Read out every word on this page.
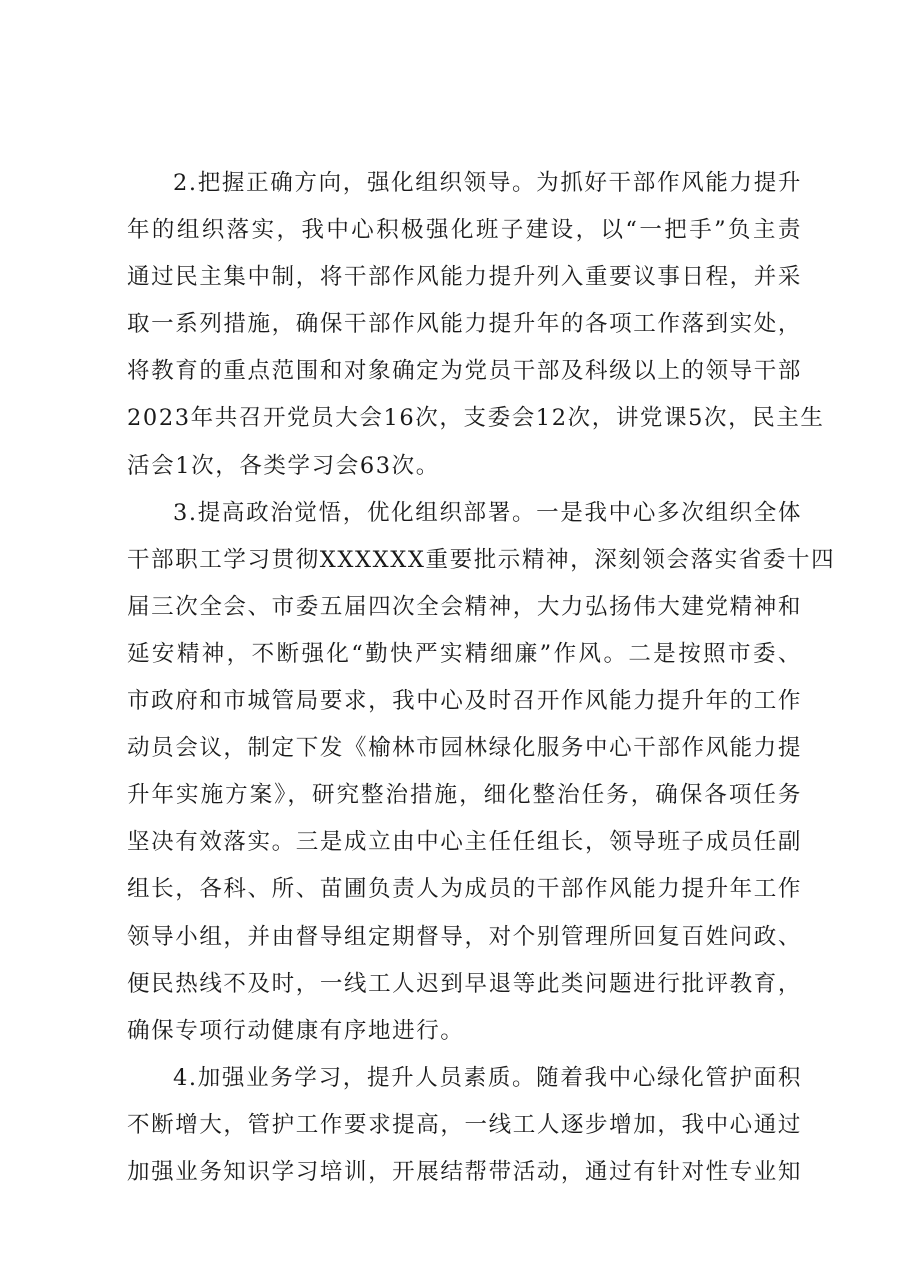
2.把握正确方向，强化组织领导。为抓好干部作风能力提升
年的组织落实，我中心积极强化班子建设，以“一把手”负主责
通过民主集中制，将干部作风能力提升列入重要议事日程，并采
取一系列措施，确保干部作风能力提升年的各项工作落到实处，
将教育的重点范围和对象确定为党员干部及科级以上的领导干部
2023年共召开党员大会16次，支委会12次，讲党课5次，民主生
活会1次，各类学习会63次。
3.提高政治觉悟，优化组织部署。一是我中心多次组织全体
干部职工学习贯彻XXXXXX重要批示精神，深刻领会落实省委十四
届三次全会、市委五届四次全会精神，大力弘扬伟大建党精神和
延安精神，不断强化“勤快严实精细廉”作风。二是按照市委、
市政府和市城管局要求，我中心及时召开作风能力提升年的工作
动员会议，制定下发《榆林市园林绿化服务中心干部作风能力提
升年实施方案》，研究整治措施，细化整治任务，确保各项任务
坚决有效落实。三是成立由中心主任任组长，领导班子成员任副
组长，各科、所、苗圃负责人为成员的干部作风能力提升年工作
领导小组，并由督导组定期督导，对个别管理所回复百姓问政、
便民热线不及时，一线工人迟到早退等此类问题进行批评教育，
确保专项行动健康有序地进行。
4.加强业务学习，提升人员素质。随着我中心绿化管护面积
不断增大，管护工作要求提高，一线工人逐步增加，我中心通过
加强业务知识学习培训，开展结帮带活动，通过有针对性专业知
